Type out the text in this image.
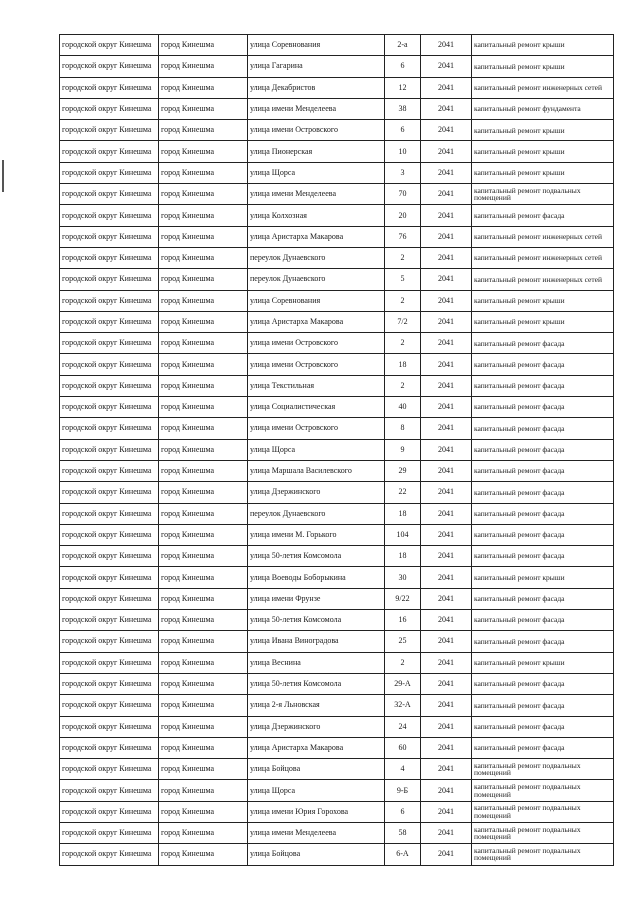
городской округ Кинешма	город Кинешма	улица Соревнования	2-а	2041	капитальный ремонт крыши
городской округ Кинешма	город Кинешма	улица Гагарина	6	2041	капитальный ремонт крыши
городской округ Кинешма	город Кинешма	улица Декабристов	12	2041	капитальный ремонт инженерных сетей
городской округ Кинешма	город Кинешма	улица имени Менделеева	38	2041	капитальный ремонт фундамента
городской округ Кинешма	город Кинешма	улица имени Островского	6	2041	капитальный ремонт крыши
городской округ Кинешма	город Кинешма	улица Пионерская	10	2041	капитальный ремонт крыши
городской округ Кинешма	город Кинешма	улица Щорса	3	2041	капитальный ремонт крыши
городской округ Кинешма	город Кинешма	улица имени Менделеева	70	2041	капитальный ремонт подвальных помещений
городской округ Кинешма	город Кинешма	улица Колхозная	20	2041	капитальный ремонт фасада
городской округ Кинешма	город Кинешма	улица Аристарха Макарова	76	2041	капитальный ремонт инженерных сетей
городской округ Кинешма	город Кинешма	переулок Дунаевского	2	2041	капитальный ремонт инженерных сетей
городской округ Кинешма	город Кинешма	переулок Дунаевского	5	2041	капитальный ремонт инженерных сетей
городской округ Кинешма	город Кинешма	улица Соревнования	2	2041	капитальный ремонт крыши
городской округ Кинешма	город Кинешма	улица Аристарха Макарова	7/2	2041	капитальный ремонт крыши
городской округ Кинешма	город Кинешма	улица имени Островского	2	2041	капитальный ремонт фасада
городской округ Кинешма	город Кинешма	улица имени Островского	18	2041	капитальный ремонт фасада
городской округ Кинешма	город Кинешма	улица Текстильная	2	2041	капитальный ремонт фасада
городской округ Кинешма	город Кинешма	улица Социалистическая	40	2041	капитальный ремонт фасада
городской округ Кинешма	город Кинешма	улица имени Островского	8	2041	капитальный ремонт фасада
городской округ Кинешма	город Кинешма	улица Щорса	9	2041	капитальный ремонт фасада
городской округ Кинешма	город Кинешма	улица Маршала Василевского	29	2041	капитальный ремонт фасада
городской округ Кинешма	город Кинешма	улица Дзержинского	22	2041	капитальный ремонт фасада
городской округ Кинешма	город Кинешма	переулок Дунаевского	18	2041	капитальный ремонт фасада
городской округ Кинешма	город Кинешма	улица имени М. Горького	104	2041	капитальный ремонт фасада
городской округ Кинешма	город Кинешма	улица 50-летия Комсомола	18	2041	капитальный ремонт фасада
городской округ Кинешма	город Кинешма	улица Воеводы Боборыкина	30	2041	капитальный ремонт крыши
городской округ Кинешма	город Кинешма	улица имени Фрунзе	9/22	2041	капитальный ремонт фасада
городской округ Кинешма	город Кинешма	улица 50-летия Комсомола	16	2041	капитальный ремонт фасада
городской округ Кинешма	город Кинешма	улица Ивана Виноградова	25	2041	капитальный ремонт фасада
городской округ Кинешма	город Кинешма	улица Веснина	2	2041	капитальный ремонт крыши
городской округ Кинешма	город Кинешма	улица 50-летия Комсомола	29-А	2041	капитальный ремонт фасада
городской округ Кинешма	город Кинешма	улица 2-я Льновская	32-А	2041	капитальный ремонт фасада
городской округ Кинешма	город Кинешма	улица Дзержинского	24	2041	капитальный ремонт фасада
городской округ Кинешма	город Кинешма	улица Аристарха Макарова	60	2041	капитальный ремонт фасада
городской округ Кинешма	город Кинешма	улица Бойцова	4	2041	капитальный ремонт подвальных помещений
городской округ Кинешма	город Кинешма	улица Щорса	9-Б	2041	капитальный ремонт подвальных помещений
городской округ Кинешма	город Кинешма	улица имени Юрия Горохова	6	2041	капитальный ремонт подвальных помещений
городской округ Кинешма	город Кинешма	улица имени Менделеева	58	2041	капитальный ремонт подвальных помещений
городской округ Кинешма	город Кинешма	улица Бойцова	6-А	2041	капитальный ремонт подвальных помещений
